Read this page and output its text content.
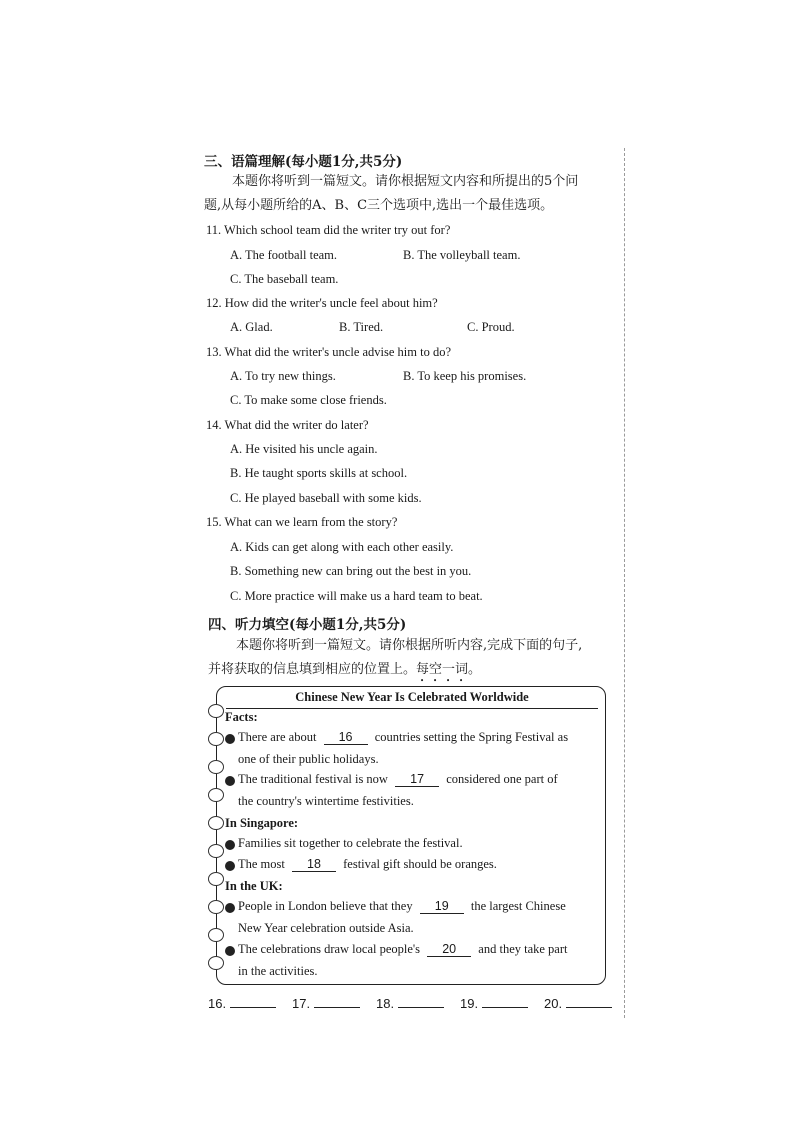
三、语篇理解(每小题1分,共5分)
本题你将听到一篇短文。请你根据短文内容和所提出的5个问
题,从每小题所给的A、B、C三个选项中,选出一个最佳选项。
11. Which school team did the writer try out for?
A. The football team.	B. The volleyball team.
C. The baseball team.
12. How did the writer's uncle feel about him?
A. Glad.	B. Tired.	C. Proud.
13. What did the writer's uncle advise him to do?
A. To try new things.	B. To keep his promises.
C. To make some close friends.
14. What did the writer do later?
A. He visited his uncle again.
B. He taught sports skills at school.
C. He played baseball with some kids.
15. What can we learn from the story?
A. Kids can get along with each other easily.
B. Something new can bring out the best in you.
C. More practice will make us a hard team to beat.
四、听力填空(每小题1分,共5分)
本题你将听到一篇短文。请你根据所听内容,完成下面的句子,
并将获取的信息填到相应的位置上。每空一词。
Chinese New Year Is Celebrated Worldwide
Facts:
There are about 16 countries setting the Spring Festival as
one of their public holidays.
The traditional festival is now 17 considered one part of
the country's wintertime festivities.
In Singapore:
Families sit together to celebrate the festival.
The most 18 festival gift should be oranges.
In the UK:
People in London believe that they 19 the largest Chinese
New Year celebration outside Asia.
The celebrations draw local people's 20 and they take part
in the activities.
16.	17.	18.	19.	20.
